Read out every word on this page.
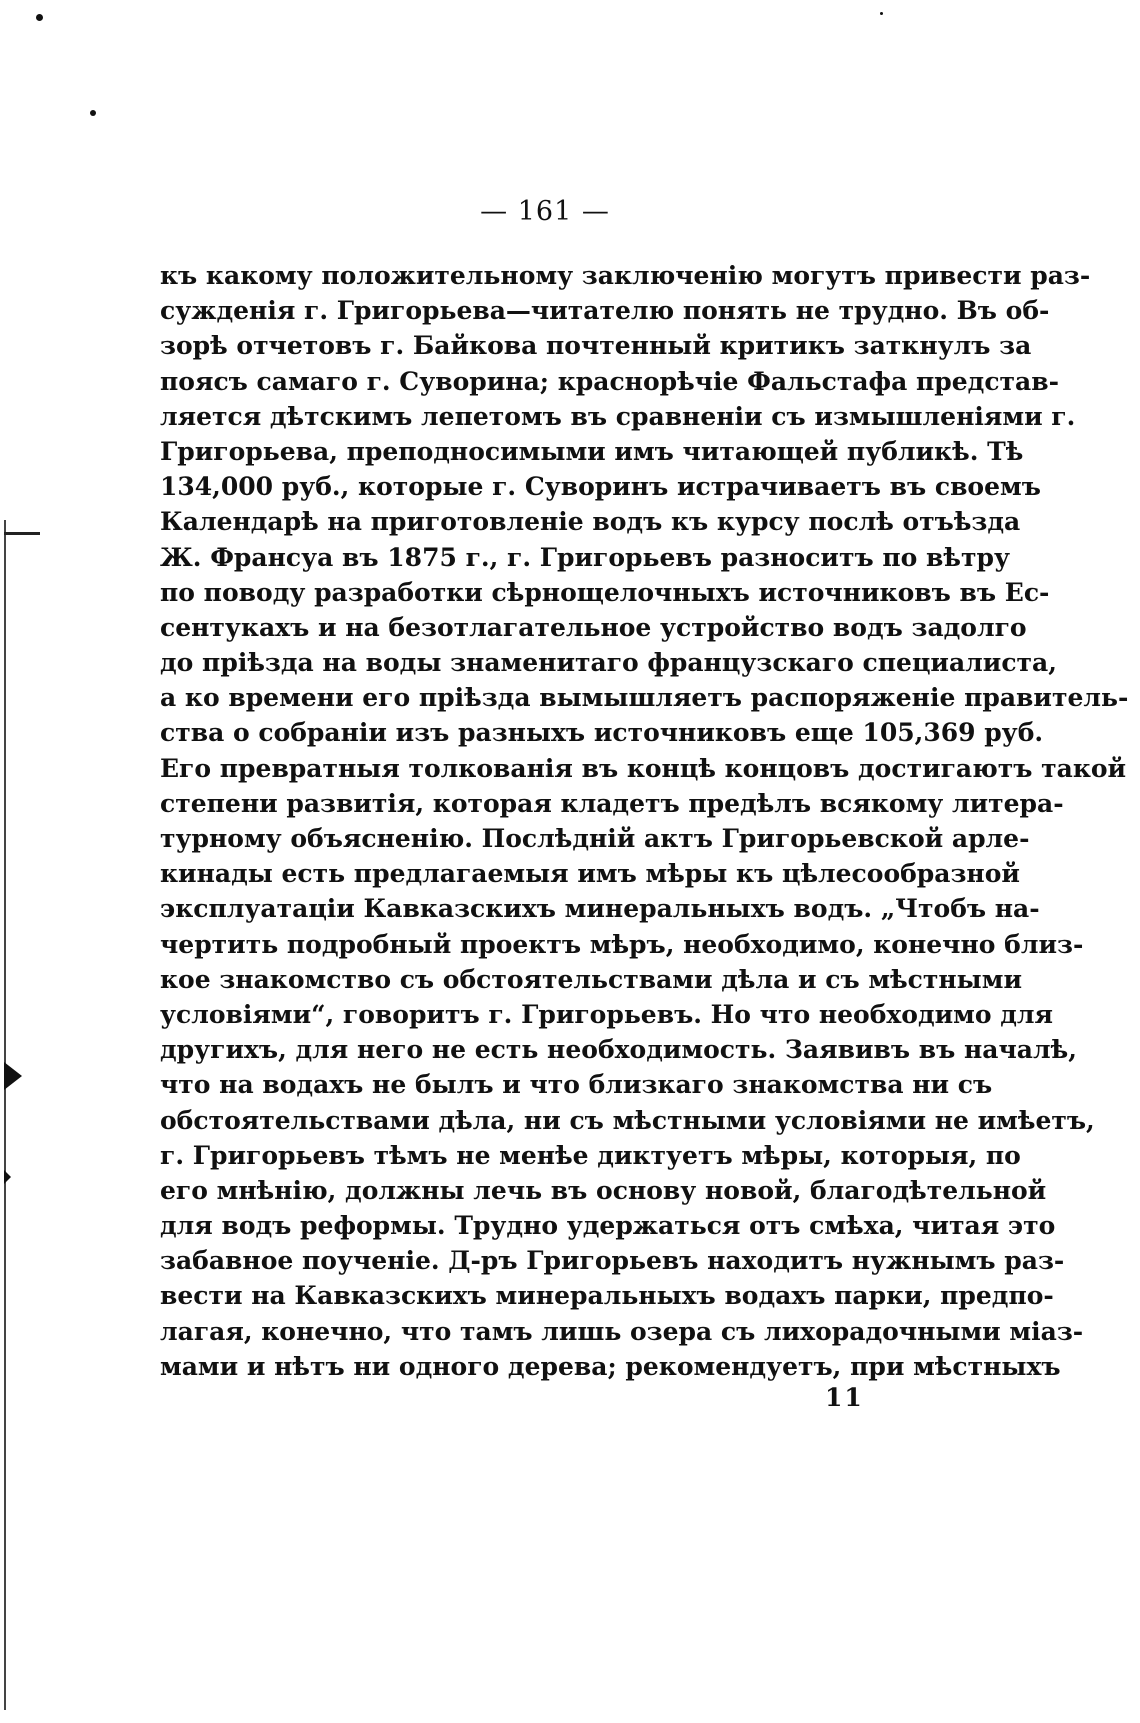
— 161 —
къ какому положительному заключенiю могутъ привести раз-
сужденiя г. Григорьева—читателю понять не трудно. Въ об-
зорѣ отчетовъ г. Байкова почтенный критикъ заткнулъ за
поясъ самаго г. Суворина; краснорѣчiе Фальстафа представ-
ляется дѣтскимъ лепетомъ въ сравненiи съ измышленiями г.
Григорьева, преподносимыми имъ читающей публикѣ. Тѣ
134,000 руб., которые г. Суворинъ истрачиваетъ въ своемъ
Календарѣ на приготовленiе водъ къ курсу послѣ отъѣзда
Ж. Франсуа въ 1875 г., г. Григорьевъ разноситъ по вѣтру
по поводу разработки сѣрнощелочныхъ источниковъ въ Ес-
сентукахъ и на безотлагательное устройство водъ задолго
до прiѣзда на воды знаменитаго французскаго специалиста,
а ко времени его прiѣзда вымышляетъ распоряженiе правитель-
ства о собранiи изъ разныхъ источниковъ еще 105,369 руб.
Его превратныя толкованiя въ концѣ концовъ достигаютъ такой
степени развитiя, которая кладетъ предѣлъ всякому литера-
турному объясненiю. Послѣднiй актъ Григорьевской арле-
кинады есть предлагаемыя имъ мѣры къ цѣлесообразной
эксплуатацiи Кавказскихъ минеральныхъ водъ. „Чтобъ на-
чертить подробный проектъ мѣръ, необходимо, конечно близ-
кое знакомство съ обстоятельствами дѣла и съ мѣстными
условiями“, говоритъ г. Григорьевъ. Но что необходимо для
другихъ, для него не есть необходимость. Заявивъ въ началѣ,
что на водахъ не былъ и что близкаго знакомства ни съ
обстоятельствами дѣла, ни съ мѣстными условiями не имѣетъ,
г. Григорьевъ тѣмъ не менѣе диктуетъ мѣры, которыя, по
его мнѣнiю, должны лечь въ основу новой, благодѣтельной
для водъ реформы. Трудно удержаться отъ смѣха, читая это
забавное поученiе. Д-ръ Григорьевъ находитъ нужнымъ раз-
вести на Кавказскихъ минеральныхъ водахъ парки, предпо-
лагая, конечно, что тамъ лишь озера съ лихорадочными мiаз-
мами и нѣтъ ни одного дерева; рекомендуетъ, при мѣстныхъ
11
